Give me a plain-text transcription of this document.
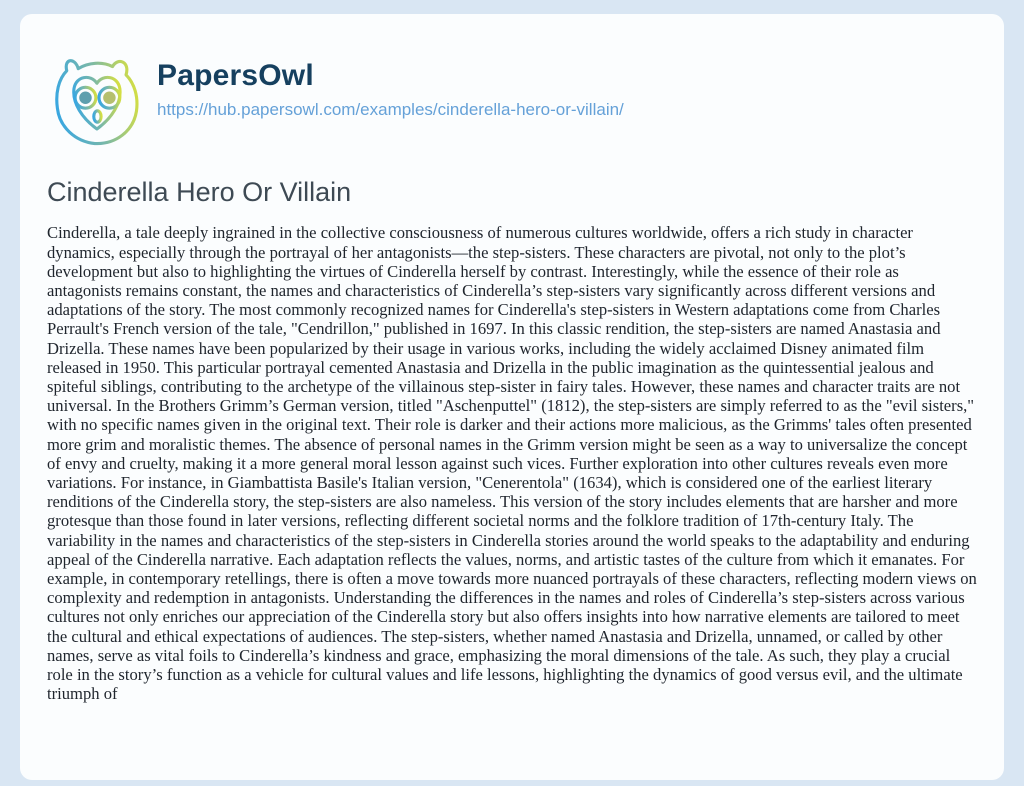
PapersOwl
https://hub.papersowl.com/examples/cinderella-hero-or-villain/
Cinderella Hero Or Villain

Cinderella, a tale deeply ingrained in the collective consciousness of numerous cultures worldwide, offers a rich study in character dynamics, especially through the portrayal of her antagonists—the step-sisters. These characters are pivotal, not only to the plot’s development but also to highlighting the virtues of Cinderella herself by contrast. Interestingly, while the essence of their role as antagonists remains constant, the names and characteristics of Cinderella’s step-sisters vary significantly across different versions and adaptations of the story. The most commonly recognized names for Cinderella's step-sisters in Western adaptations come from Charles Perrault's French version of the tale, "Cendrillon," published in 1697. In this classic rendition, the step-sisters are named Anastasia and Drizella. These names have been popularized by their usage in various works, including the widely acclaimed Disney animated film released in 1950. This particular portrayal cemented Anastasia and Drizella in the public imagination as the quintessential jealous and spiteful siblings, contributing to the archetype of the villainous step-sister in fairy tales. However, these names and character traits are not universal. In the Brothers Grimm’s German version, titled "Aschenputtel" (1812), the step-sisters are simply referred to as the "evil sisters," with no specific names given in the original text. Their role is darker and their actions more malicious, as the Grimms' tales often presented more grim and moralistic themes. The absence of personal names in the Grimm version might be seen as a way to universalize the concept of envy and cruelty, making it a more general moral lesson against such vices. Further exploration into other cultures reveals even more variations. For instance, in Giambattista Basile's Italian version, "Cenerentola" (1634), which is considered one of the earliest literary renditions of the Cinderella story, the step-sisters are also nameless. This version of the story includes elements that are harsher and more grotesque than those found in later versions, reflecting different societal norms and the folklore tradition of 17th-century Italy. The variability in the names and characteristics of the step-sisters in Cinderella stories around the world speaks to the adaptability and enduring appeal of the Cinderella narrative. Each adaptation reflects the values, norms, and artistic tastes of the culture from which it emanates. For example, in contemporary retellings, there is often a move towards more nuanced portrayals of these characters, reflecting modern views on complexity and redemption in antagonists. Understanding the differences in the names and roles of Cinderella’s step-sisters across various cultures not only enriches our appreciation of the Cinderella story but also offers insights into how narrative elements are tailored to meet the cultural and ethical expectations of audiences. The step-sisters, whether named Anastasia and Drizella, unnamed, or called by other names, serve as vital foils to Cinderella’s kindness and grace, emphasizing the moral dimensions of the tale. As such, they play a crucial role in the story’s function as a vehicle for cultural values and life lessons, highlighting the dynamics of good versus evil, and the ultimate triumph of
